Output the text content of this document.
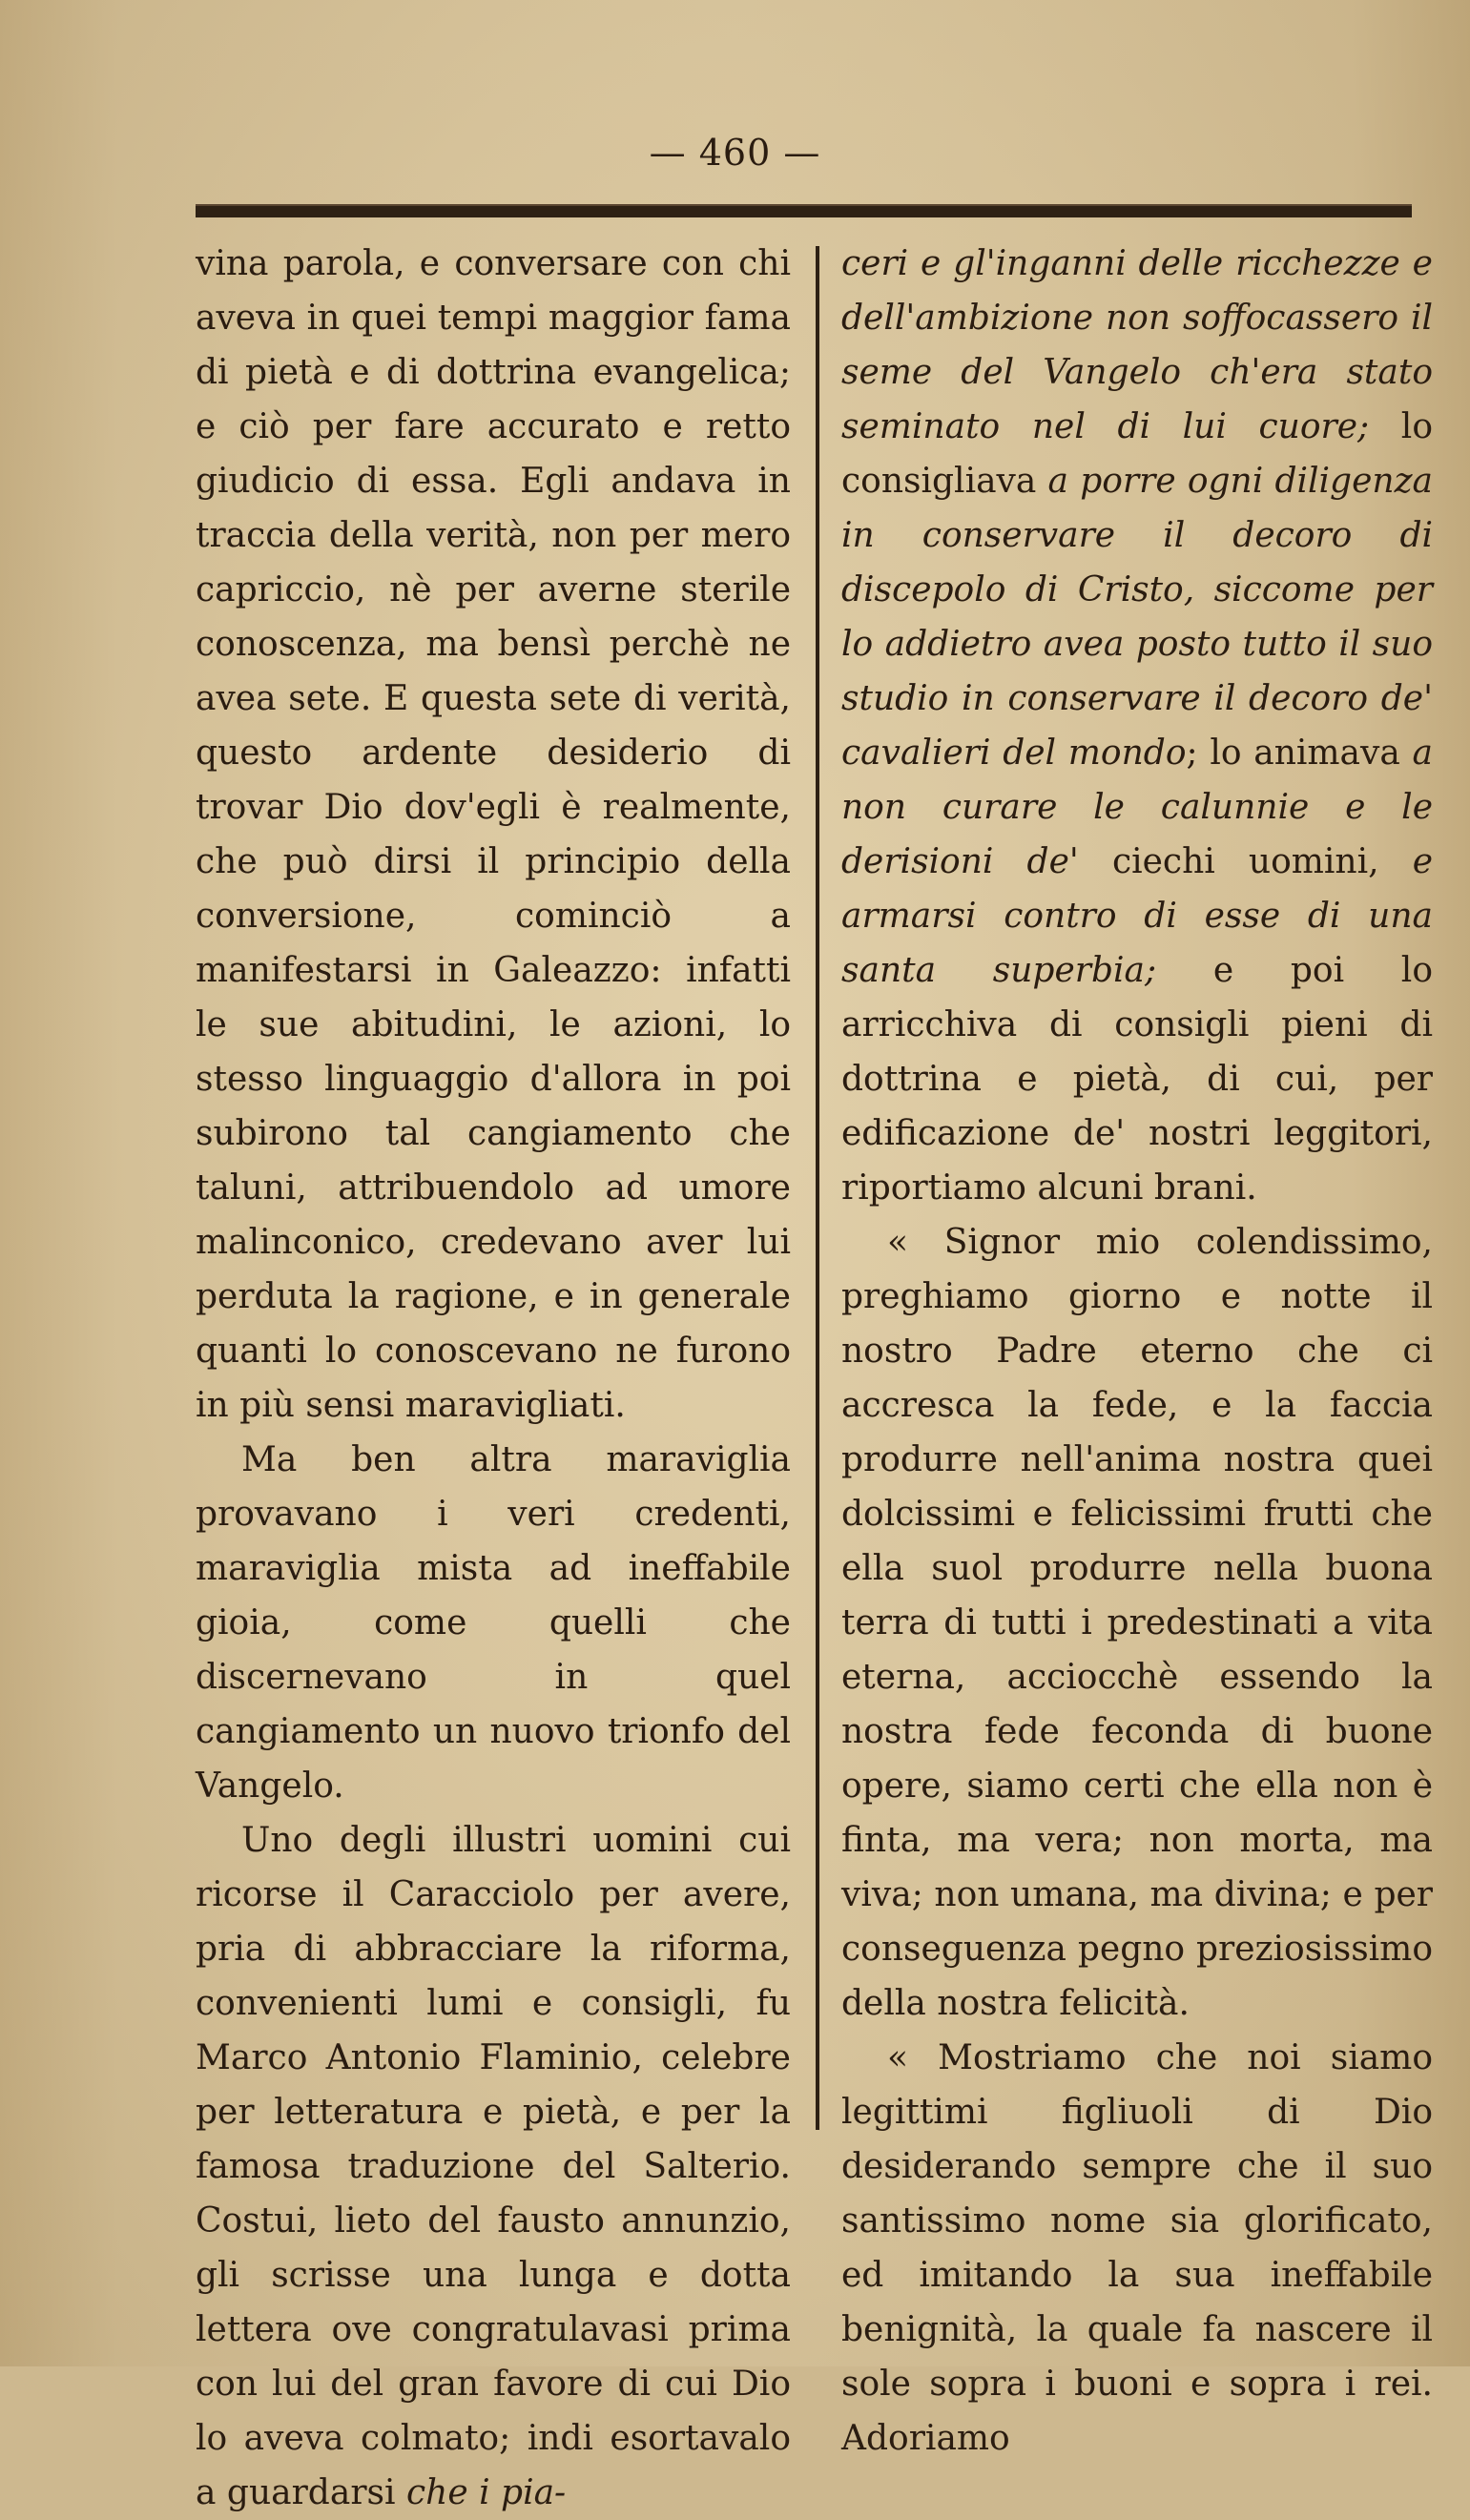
— 460 —

vina parola, e conversare con chi aveva in quei tempi maggior fama di pietà e di dottrina evangelica; e ciò per fare accurato e retto giudicio di essa. Egli andava in traccia della verità, non per mero capriccio, nè per averne sterile conoscenza, ma bensì perchè ne avea sete. E questa sete di verità, questo ardente desiderio di trovar Dio dov'egli è realmente, che può dirsi il principio della conversione, cominciò a manifestarsi in Galeazzo: infatti le sue abitudini, le azioni, lo stesso linguaggio d'allora in poi subirono tal cangiamento che taluni, attribuendolo ad umore malinconico, credevano aver lui perduta la ragione, e in generale quanti lo conoscevano ne furono in più sensi maravigliati.

Ma ben altra maraviglia provavano i veri credenti, maraviglia mista ad ineffabile gioia, come quelli che discernevano in quel cangiamento un nuovo trionfo del Vangelo.

Uno degli illustri uomini cui ricorse il Caracciolo per avere, pria di abbracciare la riforma, convenienti lumi e consigli, fu Marco Antonio Flaminio, celebre per letteratura e pietà, e per la famosa traduzione del Salterio. Costui, lieto del fausto annunzio, gli scrisse una lunga e dotta lettera ove congratulavasi prima con lui del gran favore di cui Dio lo aveva colmato; indi esortavalo a guardarsi che i pia-

ceri e gl'inganni delle ricchezze e dell'ambizione non soffocassero il seme del Vangelo ch'era stato seminato nel di lui cuore; lo consigliava a porre ogni diligenza in conservare il decoro di discepolo di Cristo, siccome per lo addietro avea posto tutto il suo studio in conservare il decoro de' cavalieri del mondo; lo animava a non curare le calunnie e le derisioni de' ciechi uomini, e armarsi contro di esse di una santa superbia; e poi lo arricchiva di consigli pieni di dottrina e pietà, di cui, per edificazione de' nostri leggitori, riportiamo alcuni brani.

« Signor mio colendissimo, preghiamo giorno e notte il nostro Padre eterno che ci accresca la fede, e la faccia produrre nell'anima nostra quei dolcissimi e felicissimi frutti che ella suol produrre nella buona terra di tutti i predestinati a vita eterna, acciocchè essendo la nostra fede feconda di buone opere, siamo certi che ella non è finta, ma vera; non morta, ma viva; non umana, ma divina; e per conseguenza pegno preziosissimo della nostra felicità.

« Mostriamo che noi siamo legittimi figliuoli di Dio desiderando sempre che il suo santissimo nome sia glorificato, ed imitando la sua ineffabile benignità, la quale fa nascere il sole sopra i buoni e sopra i rei. Adoriamo
